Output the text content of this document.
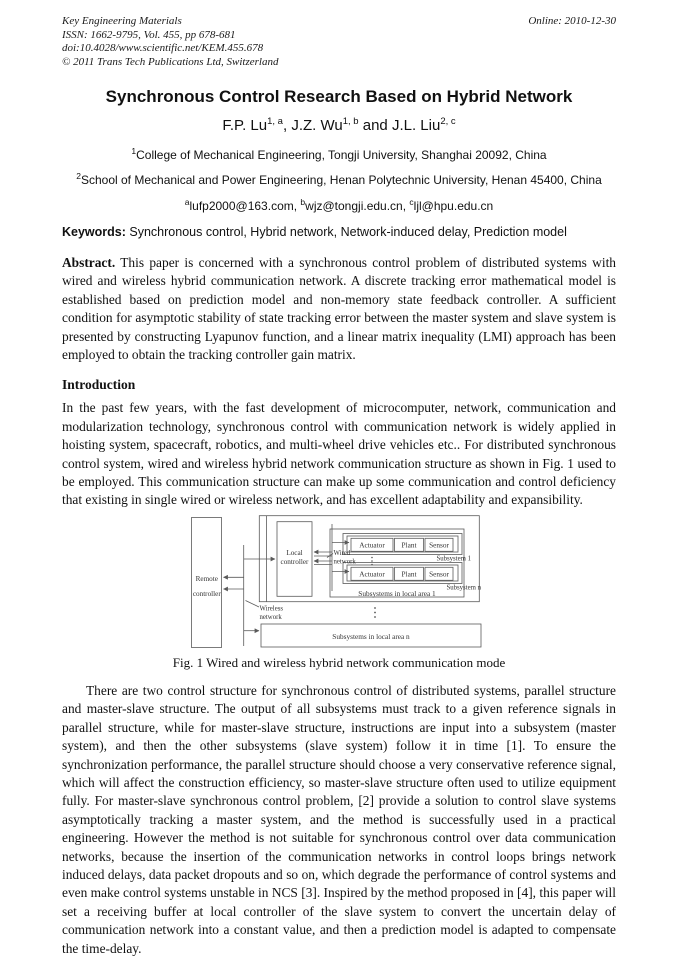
Key Engineering Materials
ISSN: 1662-9795, Vol. 455, pp 678-681
doi:10.4028/www.scientific.net/KEM.455.678
© 2011 Trans Tech Publications Ltd, Switzerland
Online: 2010-12-30
Synchronous Control Research Based on Hybrid Network
F.P. Lu$^{1, a}$, J.Z. Wu$^{1, b}$ and J.L. Liu$^{2, c}$
$^1$College of Mechanical Engineering, Tongji University, Shanghai 20092, China
$^2$School of Mechanical and Power Engineering, Henan Polytechnic University, Henan 45400, China
$^a$lufp2000@163.com, $^b$wjz@tongji.edu.cn, $^c$ljl@hpu.edu.cn
Keywords: Synchronous control, Hybrid network, Network-induced delay, Prediction model

Abstract. This paper is concerned with a synchronous control problem of distributed systems with wired and wireless hybrid communication network. A discrete tracking error mathematical model is established based on prediction model and non-memory state feedback controller. A sufficient condition for asymptotic stability of state tracking error between the master system and slave system is presented by constructing Lyapunov function, and a linear matrix inequality (LMI) approach has been employed to obtain the tracking controller gain matrix.

Introduction

In the past few years, with the fast development of microcomputer, network, communication and modularization technology, synchronous control with communication network is widely applied in hoisting system, spacecraft, robotics, and multi-wheel drive vehicles etc.. For distributed synchronous control system, wired and wireless hybrid network communication structure as shown in Fig. 1 used to be employed. This communication structure can make up some communication and control deficiency that existing in single wired or wireless network, and has excellent adaptability and expansibility.

Remote
controller
Local
controller
Actuator Plant Sensor
Actuator Plant Sensor
Subsystem 1
Subsystem n
Wired
network
Subsystems in local area 1
Wireless
network
Subsystems in local area n
Fig. 1 Wired and wireless hybrid network communication mode

There are two control structure for synchronous control of distributed systems, parallel structure and master-slave structure. The output of all subsystems must track to a given reference signals in parallel structure, while for master-slave structure, instructions are input into a subsystem (master system), and then the other subsystems (slave system) follow it in time [1]. To ensure the synchronization performance, the parallel structure should choose a very conservative reference signal, which will affect the construction efficiency, so master-slave structure often used to utilize equipment fully. For master-slave synchronous control problem, [2] provide a solution to control slave systems asymptotically tracking a master system, and the method is successfully used in a practical engineering. However the method is not suitable for synchronous control over data communication networks, because the insertion of the communication networks in control loops brings network induced delays, data packet dropouts and so on, which degrade the performance of control systems and even make control systems unstable in NCS [3]. Inspired by the method proposed in [4], this paper will set a receiving buffer at local controller of the slave system to convert the uncertain delay of communication network into a constant value, and then a prediction model is adapted to compensate the time-delay.
